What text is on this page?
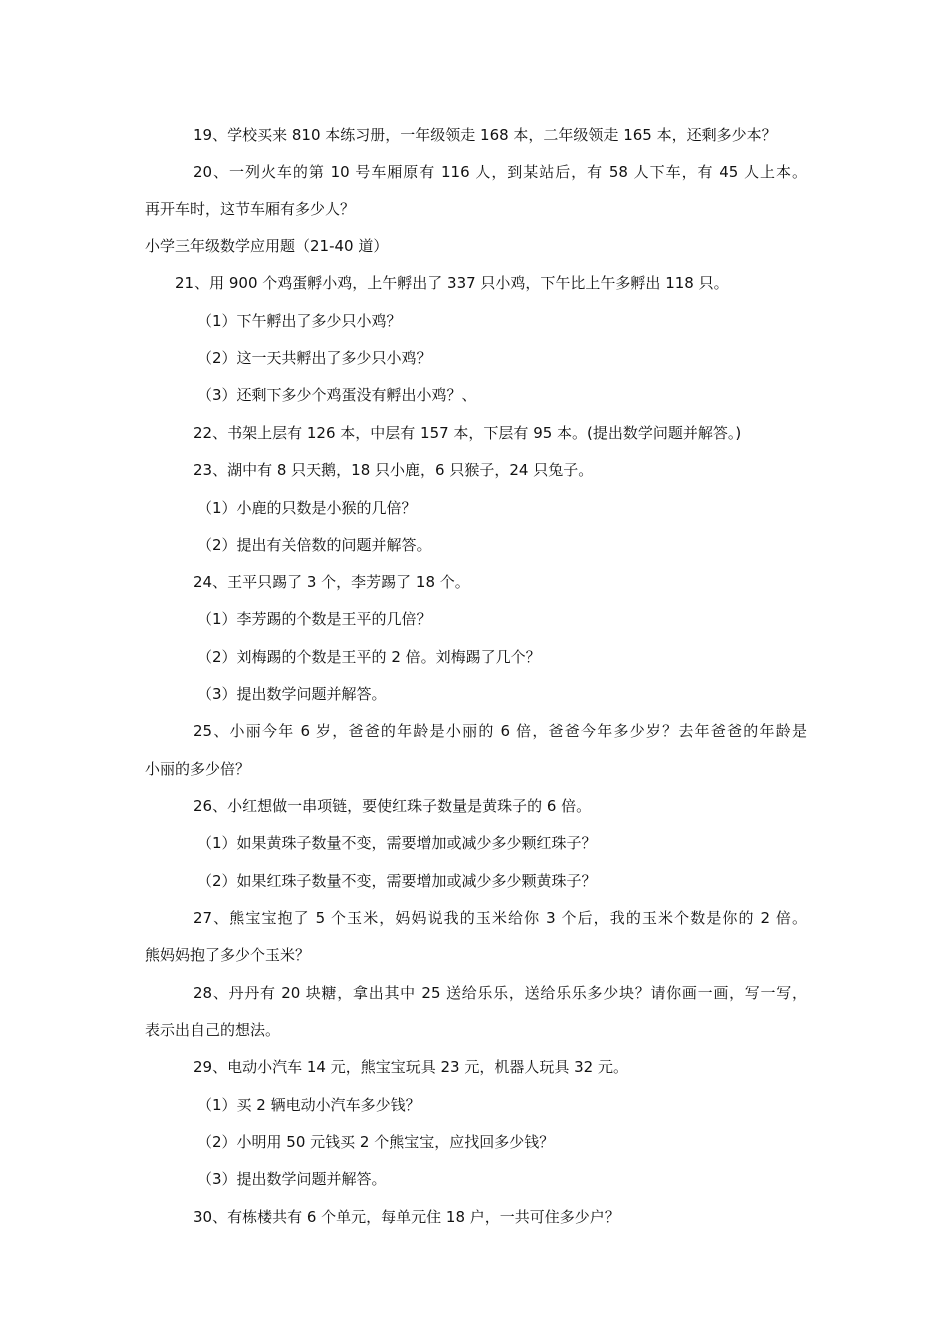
19、学校买来 810 本练习册，一年级领走 168 本，二年级领走 165 本，还剩多少本？
20、一列火车的第 10 号车厢原有 116 人，到某站后，有 58 人下车，有 45 人上本。
再开车时，这节车厢有多少人？
小学三年级数学应用题（21-40 道）
21、用 900 个鸡蛋孵小鸡，上午孵出了 337 只小鸡，下午比上午多孵出 118 只。
（1）下午孵出了多少只小鸡？
（2）这一天共孵出了多少只小鸡？
（3）还剩下多少个鸡蛋没有孵出小鸡？、
22、书架上层有 126 本，中层有 157 本，下层有 95 本。(提出数学问题并解答。)
23、湖中有 8 只天鹅，18 只小鹿，6 只猴子，24 只兔子。
（1）小鹿的只数是小猴的几倍？
（2）提出有关倍数的问题并解答。
24、王平只踢了 3 个，李芳踢了 18 个。
（1）李芳踢的个数是王平的几倍？
（2）刘梅踢的个数是王平的 2 倍。刘梅踢了几个？
（3）提出数学问题并解答。
25、小丽今年 6 岁，爸爸的年龄是小丽的 6 倍，爸爸今年多少岁？去年爸爸的年龄是
小丽的多少倍？
26、小红想做一串项链，要使红珠子数量是黄珠子的 6 倍。
（1）如果黄珠子数量不变，需要增加或减少多少颗红珠子？
（2）如果红珠子数量不变，需要增加或减少多少颗黄珠子？
27、熊宝宝抱了 5 个玉米，妈妈说我的玉米给你 3 个后，我的玉米个数是你的 2 倍。
熊妈妈抱了多少个玉米？
28、丹丹有 20 块糖，拿出其中 25 送给乐乐，送给乐乐多少块？请你画一画，写一写，
表示出自己的想法。
29、电动小汽车 14 元，熊宝宝玩具 23 元，机器人玩具 32 元。
（1）买 2 辆电动小汽车多少钱？
（2）小明用 50 元钱买 2 个熊宝宝，应找回多少钱？
（3）提出数学问题并解答。
30、有栋楼共有 6 个单元，每单元住 18 户，一共可住多少户？
